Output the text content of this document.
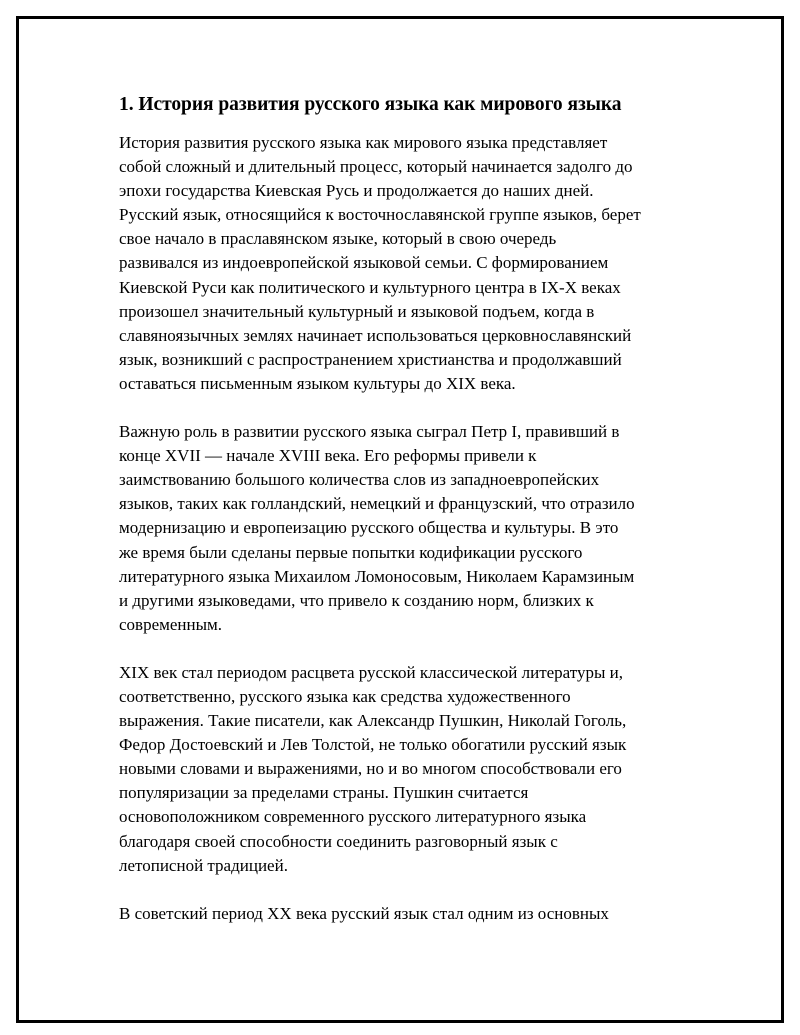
1. История развития русского языка как мирового языка
История развития русского языка как мирового языка представляет
собой сложный и длительный процесс, который начинается задолго до
эпохи государства Киевская Русь и продолжается до наших дней.
Русский язык, относящийся к восточнославянской группе языков, берет
свое начало в праславянском языке, который в свою очередь
развивался из индоевропейской языковой семьи. С формированием
Киевской Руси как политического и культурного центра в IX-X веках
произошел значительный культурный и языковой подъем, когда в
славяноязычных землях начинает использоваться церковнославянский
язык, возникший с распространением христианства и продолжавший
оставаться письменным языком культуры до XIX века.
Важную роль в развитии русского языка сыграл Петр I, правивший в
конце XVII — начале XVIII века. Его реформы привели к
заимствованию большого количества слов из западноевропейских
языков, таких как голландский, немецкий и французский, что отразило
модернизацию и европеизацию русского общества и культуры. В это
же время были сделаны первые попытки кодификации русского
литературного языка Михаилом Ломоносовым, Николаем Карамзиным
и другими языковедами, что привело к созданию норм, близких к
современным.
XIX век стал периодом расцвета русской классической литературы и,
соответственно, русского языка как средства художественного
выражения. Такие писатели, как Александр Пушкин, Николай Гоголь,
Федор Достоевский и Лев Толстой, не только обогатили русский язык
новыми словами и выражениями, но и во многом способствовали его
популяризации за пределами страны. Пушкин считается
основоположником современного русского литературного языка
благодаря своей способности соединить разговорный язык с
летописной традицией.
В советский период XX века русский язык стал одним из основных
